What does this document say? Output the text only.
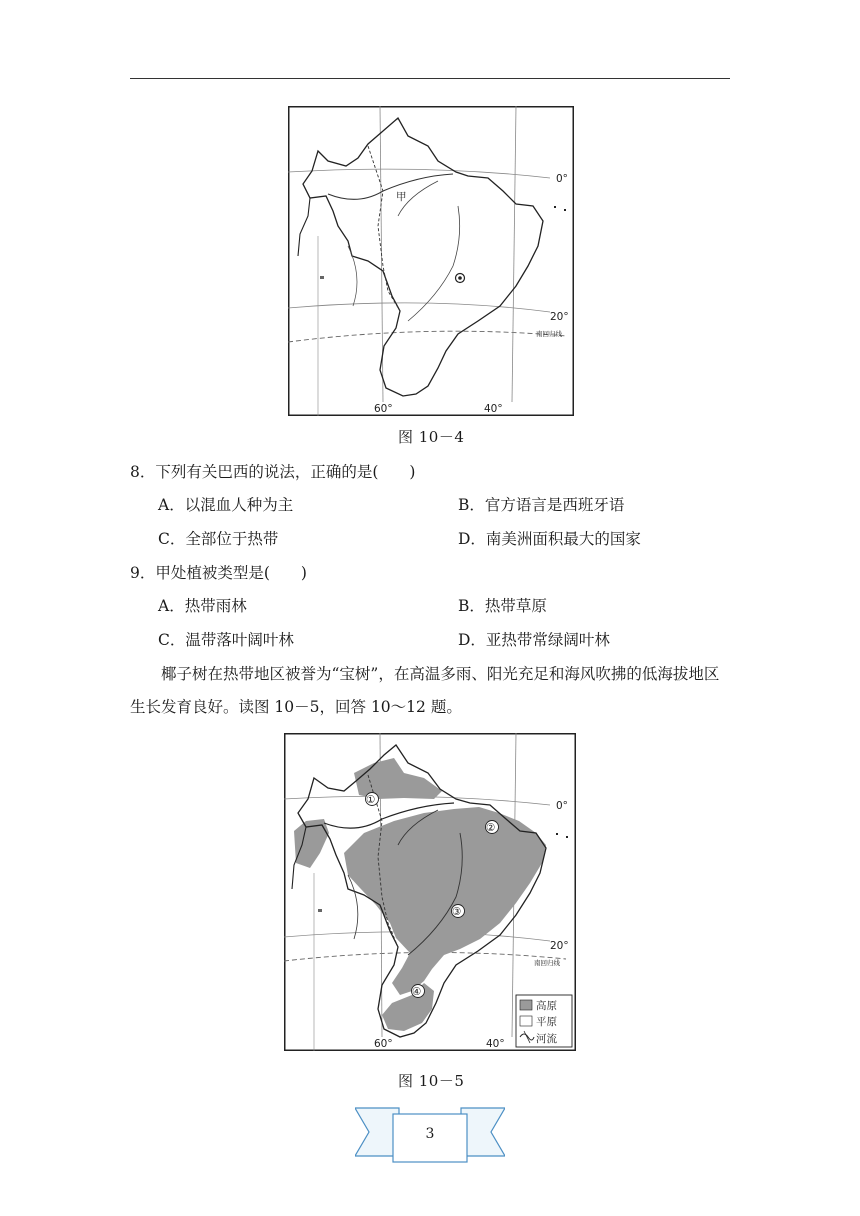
0°
20°
南回归线
60°	40°
甲
图 10－4
8．下列有关巴西的说法，正确的是(　　)
A．以混血人种为主	B．官方语言是西班牙语
C．全部位于热带	D．南美洲面积最大的国家
9．甲处植被类型是(　　)
A．热带雨林	B．热带草原
C．温带落叶阔叶林	D．亚热带常绿阔叶林
椰子树在热带地区被誉为“宝树”，在高温多雨、阳光充足和海风吹拂的低海拔地区生长发育良好。读图 10－5，回答 10～12 题。
①
②
③
④
0°
20°
南回归线
60°	40°
高原
平原
河流
图 10－5
3
